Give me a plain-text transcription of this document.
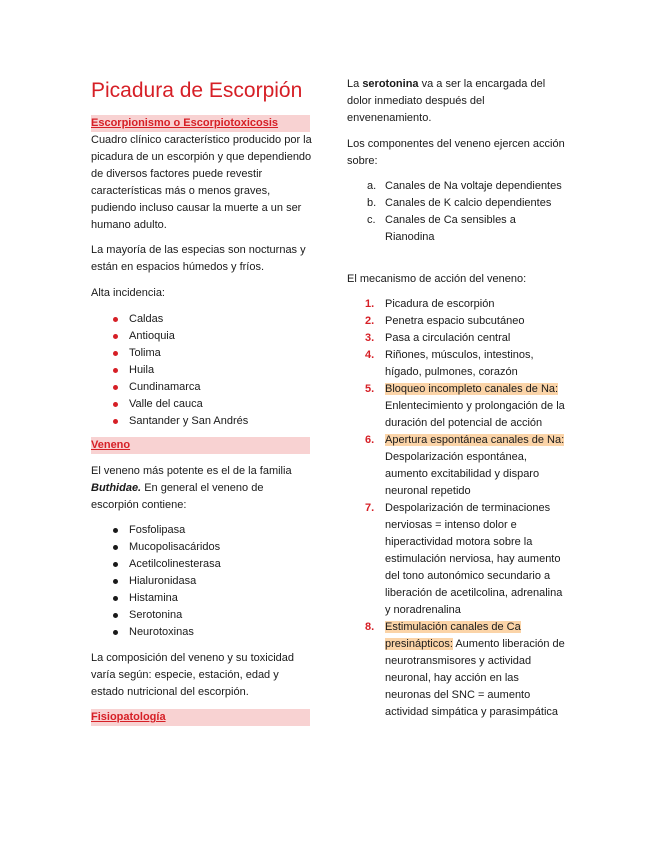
Picadura de Escorpión
Escorpionismo o Escorpiotoxicosis

Cuadro clínico característico producido por la picadura de un escorpión y que dependiendo de diversos factores puede revestir características más o menos graves, pudiendo incluso causar la muerte a un ser humano adulto.

La mayoría de las especias son nocturnas y están en espacios húmedos y fríos.

Alta incidencia:

Caldas
Antioquia
Tolima
Huila
Cundinamarca
Valle del cauca
Santander y San Andrés
Veneno

El veneno más potente es el de la familia Buthidae. En general el veneno de escorpión contiene:

Fosfolipasa
Mucopolisacáridos
Acetilcolinesterasa
Hialuronidasa
Histamina
Serotonina
Neurotoxinas

La composición del veneno y su toxicidad varía según: especie, estación, edad y estado nutricional del escorpión.

Fisiopatología

La serotonina va a ser la encargada del dolor inmediato después del envenenamiento.

Los componentes del veneno ejercen acción sobre:

a. Canales de Na voltaje dependientes
b. Canales de K calcio dependientes
c. Canales de Ca sensibles a Rianodina

El mecanismo de acción del veneno:

1. Picadura de escorpión
2. Penetra espacio subcutáneo
3. Pasa a circulación central
4. Riñones, músculos, intestinos, hígado, pulmones, corazón
5. Bloqueo incompleto canales de Na: Enlentecimiento y prolongación de la duración del potencial de acción
6. Apertura espontánea canales de Na: Despolarización espontánea, aumento excitabilidad y disparo neuronal repetido
7. Despolarización de terminaciones nerviosas = intenso dolor e hiperactividad motora sobre la estimulación nerviosa, hay aumento del tono autonómico secundario a liberación de acetilcolina, adrenalina y noradrenalina
8. Estimulación canales de Ca presinápticos: Aumento liberación de neurotransmisores y actividad neuronal, hay acción en las neuronas del SNC = aumento actividad simpática y parasimpática
